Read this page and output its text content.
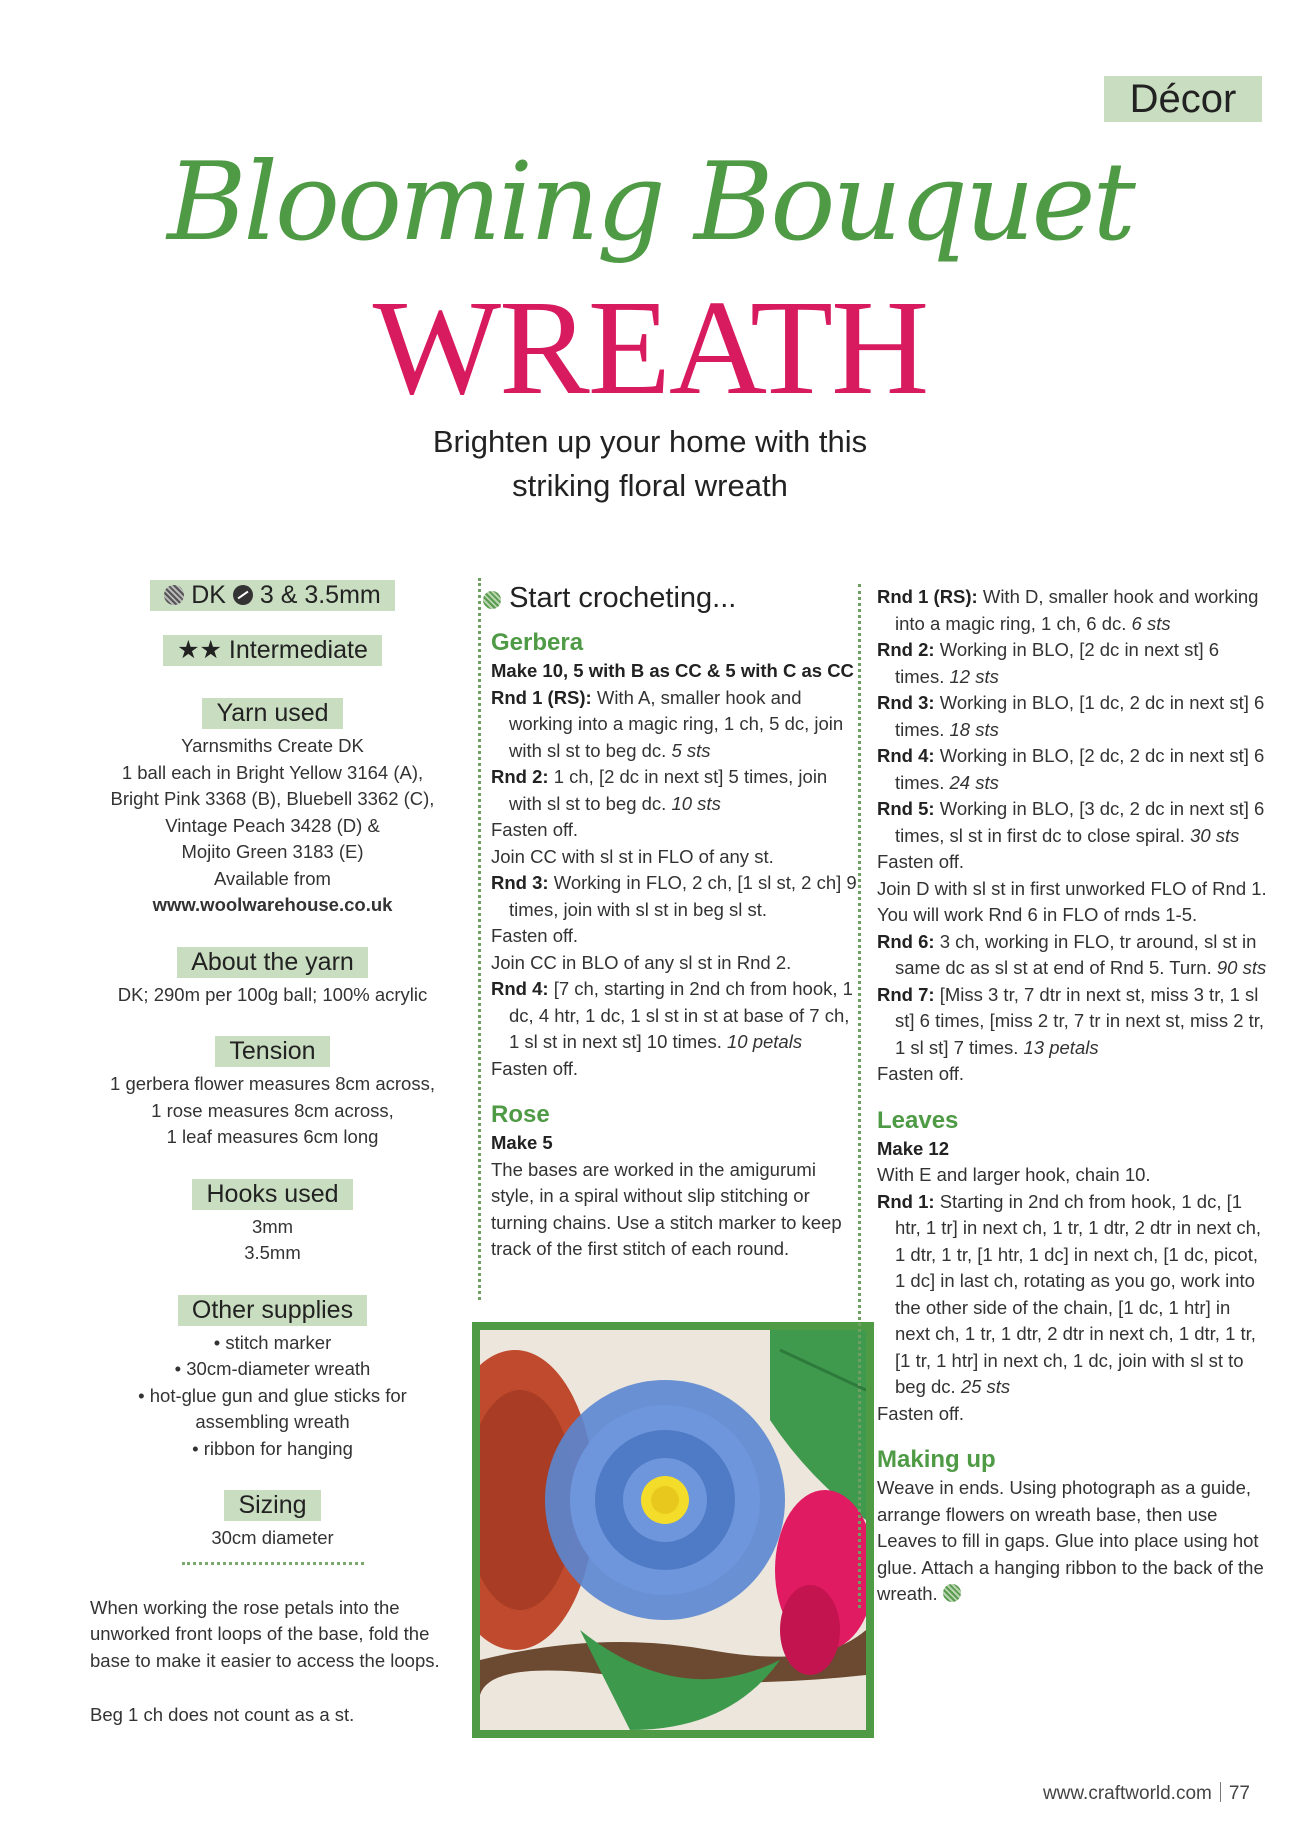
Décor
Blooming Bouquet
WREATH
Brighten up your home with this
striking floral wreath
DK 3 & 3.5mm
★★ Intermediate
Yarn used
Yarnsmiths Create DK
1 ball each in Bright Yellow 3164 (A),
Bright Pink 3368 (B), Bluebell 3362 (C),
Vintage Peach 3428 (D) &
Mojito Green 3183 (E)
Available from
www.woolwarehouse.co.uk
About the yarn
DK; 290m per 100g ball; 100% acrylic
Tension
1 gerbera flower measures 8cm across,
1 rose measures 8cm across,
1 leaf measures 6cm long
Hooks used
3mm
3.5mm
Other supplies
• stitch marker
• 30cm-diameter wreath
• hot-glue gun and glue sticks for
assembling wreath
• ribbon for hanging
Sizing
30cm diameter

When working the rose petals into the unworked front loops of the base, fold the base to make it easier to access the loops.

Beg 1 ch does not count as a st.

Start crocheting...
Gerbera
Make 10, 5 with B as CC & 5 with C as CC
Rnd 1 (RS): With A, smaller hook and working into a magic ring, 1 ch, 5 dc, join with sl st to beg dc. 5 sts
Rnd 2: 1 ch, [2 dc in next st] 5 times, join with sl st to beg dc. 10 sts
Fasten off.
Join CC with sl st in FLO of any st.
Rnd 3: Working in FLO, 2 ch, [1 sl st, 2 ch] 9 times, join with sl st in beg sl st.
Fasten off.
Join CC in BLO of any sl st in Rnd 2.
Rnd 4: [7 ch, starting in 2nd ch from hook, 1 dc, 4 htr, 1 dc, 1 sl st in st at base of 7 ch, 1 sl st in next st] 10 times. 10 petals
Fasten off.
Rose
Make 5
The bases are worked in the amigurumi style, in a spiral without slip stitching or turning chains. Use a stitch marker to keep track of the first stitch of each round.
Rnd 1 (RS): With D, smaller hook and working into a magic ring, 1 ch, 6 dc. 6 sts
Rnd 2: Working in BLO, [2 dc in next st] 6 times. 12 sts
Rnd 3: Working in BLO, [1 dc, 2 dc in next st] 6 times. 18 sts
Rnd 4: Working in BLO, [2 dc, 2 dc in next st] 6 times. 24 sts
Rnd 5: Working in BLO, [3 dc, 2 dc in next st] 6 times, sl st in first dc to close spiral. 30 sts
Fasten off.
Join D with sl st in first unworked FLO of Rnd 1. You will work Rnd 6 in FLO of rnds 1-5.
Rnd 6: 3 ch, working in FLO, tr around, sl st in same dc as sl st at end of Rnd 5. Turn. 90 sts
Rnd 7: [Miss 3 tr, 7 dtr in next st, miss 3 tr, 1 sl st] 6 times, [miss 2 tr, 7 tr in next st, miss 2 tr, 1 sl st] 7 times. 13 petals
Fasten off.
Leaves
Make 12
With E and larger hook, chain 10.
Rnd 1: Starting in 2nd ch from hook, 1 dc, [1 htr, 1 tr] in next ch, 1 tr, 1 dtr, 2 dtr in next ch, 1 dtr, 1 tr, [1 htr, 1 dc] in next ch, [1 dc, picot, 1 dc] in last ch, rotating as you go, work into the other side of the chain, [1 dc, 1 htr] in next ch, 1 tr, 1 dtr, 2 dtr in next ch, 1 dtr, 1 tr, [1 tr, 1 htr] in next ch, 1 dc, join with sl st to beg dc. 25 sts
Fasten off.
Making up
Weave in ends. Using photograph as a guide, arrange flowers on wreath base, then use Leaves to fill in gaps. Glue into place using hot glue. Attach a hanging ribbon to the back of the wreath.
www.craftworld.com 77
